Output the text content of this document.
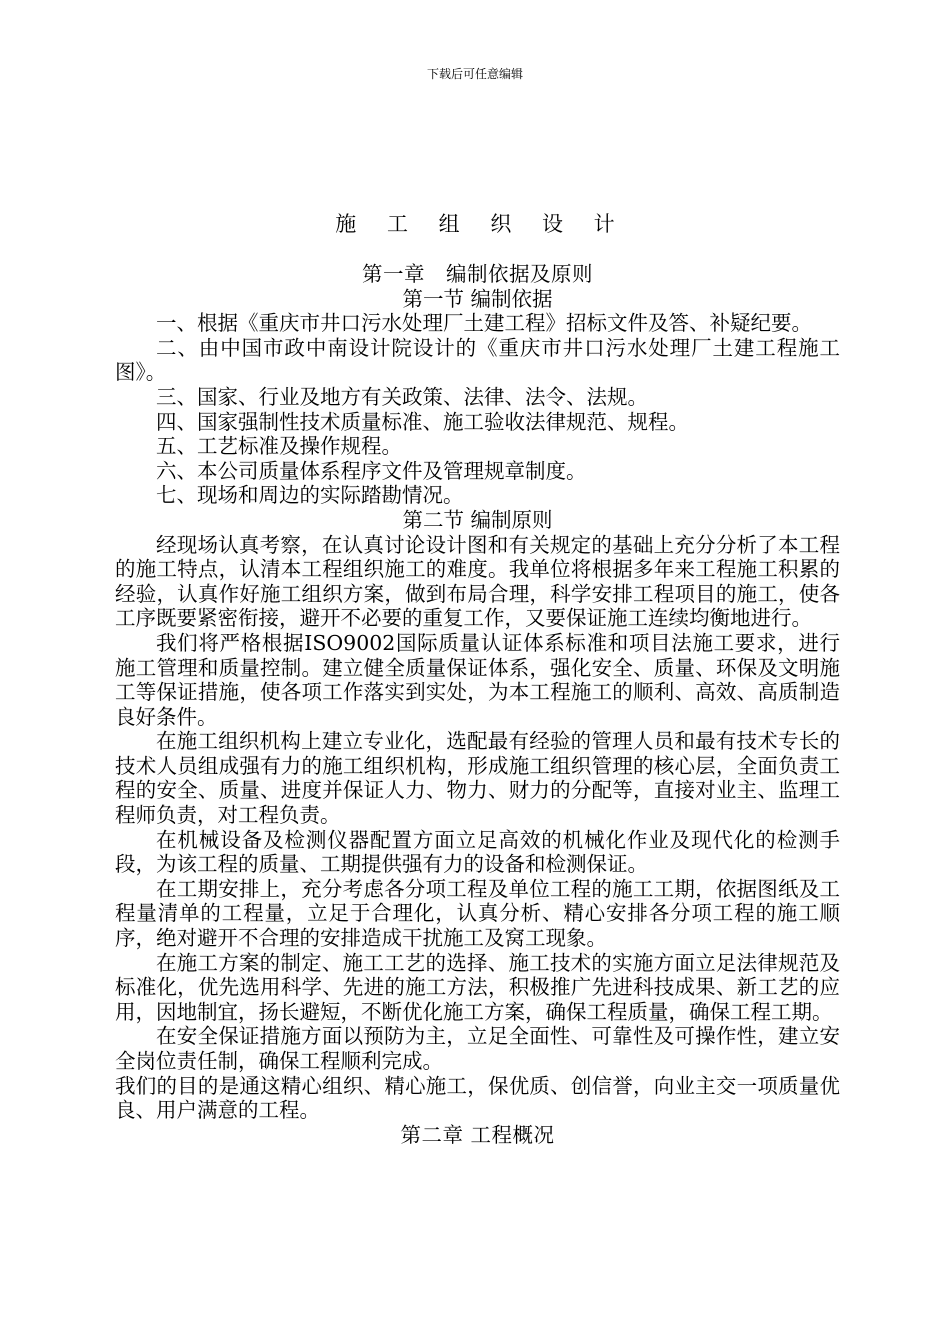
下载后可任意编辑
施 工 组 织 设 计
第一章　编制依据及原则
第一节 编制依据

一、根据《重庆市井口污水处理厂土建工程》招标文件及答、补疑纪要。

二、由中国市政中南设计院设计的《重庆市井口污水处理厂土建工程施工图》。

三、国家、行业及地方有关政策、法律、法令、法规。

四、国家强制性技术质量标准、施工验收法律规范、规程。

五、工艺标准及操作规程。

六、本公司质量体系程序文件及管理规章制度。

七、现场和周边的实际踏勘情况。

第二节 编制原则

经现场认真考察，在认真讨论设计图和有关规定的基础上充分分析了本工程的施工特点，认清本工程组织施工的难度。我单位将根据多年来工程施工积累的经验，认真作好施工组织方案，做到布局合理，科学安排工程项目的施工，使各工序既要紧密衔接，避开不必要的重复工作，又要保证施工连续均衡地进行。

我们将严格根据ISO9002国际质量认证体系标准和项目法施工要求，进行施工管理和质量控制。建立健全质量保证体系，强化安全、质量、环保及文明施工等保证措施，使各项工作落实到实处，为本工程施工的顺利、高效、高质制造良好条件。

在施工组织机构上建立专业化，选配最有经验的管理人员和最有技术专长的技术人员组成强有力的施工组织机构，形成施工组织管理的核心层，全面负责工程的安全、质量、进度并保证人力、物力、财力的分配等，直接对业主、监理工程师负责，对工程负责。

在机械设备及检测仪器配置方面立足高效的机械化作业及现代化的检测手段，为该工程的质量、工期提供强有力的设备和检测保证。

在工期安排上，充分考虑各分项工程及单位工程的施工工期，依据图纸及工程量清单的工程量，立足于合理化，认真分析、精心安排各分项工程的施工顺序，绝对避开不合理的安排造成干扰施工及窝工现象。

在施工方案的制定、施工工艺的选择、施工技术的实施方面立足法律规范及标准化，优先选用科学、先进的施工方法，积极推广先进科技成果、新工艺的应用，因地制宜，扬长避短，不断优化施工方案，确保工程质量，确保工程工期。

在安全保证措施方面以预防为主，立足全面性、可靠性及可操作性，建立安全岗位责任制，确保工程顺利完成。

我们的目的是通这精心组织、精心施工，保优质、创信誉，向业主交一项质量优良、用户满意的工程。

第二章 工程概况
